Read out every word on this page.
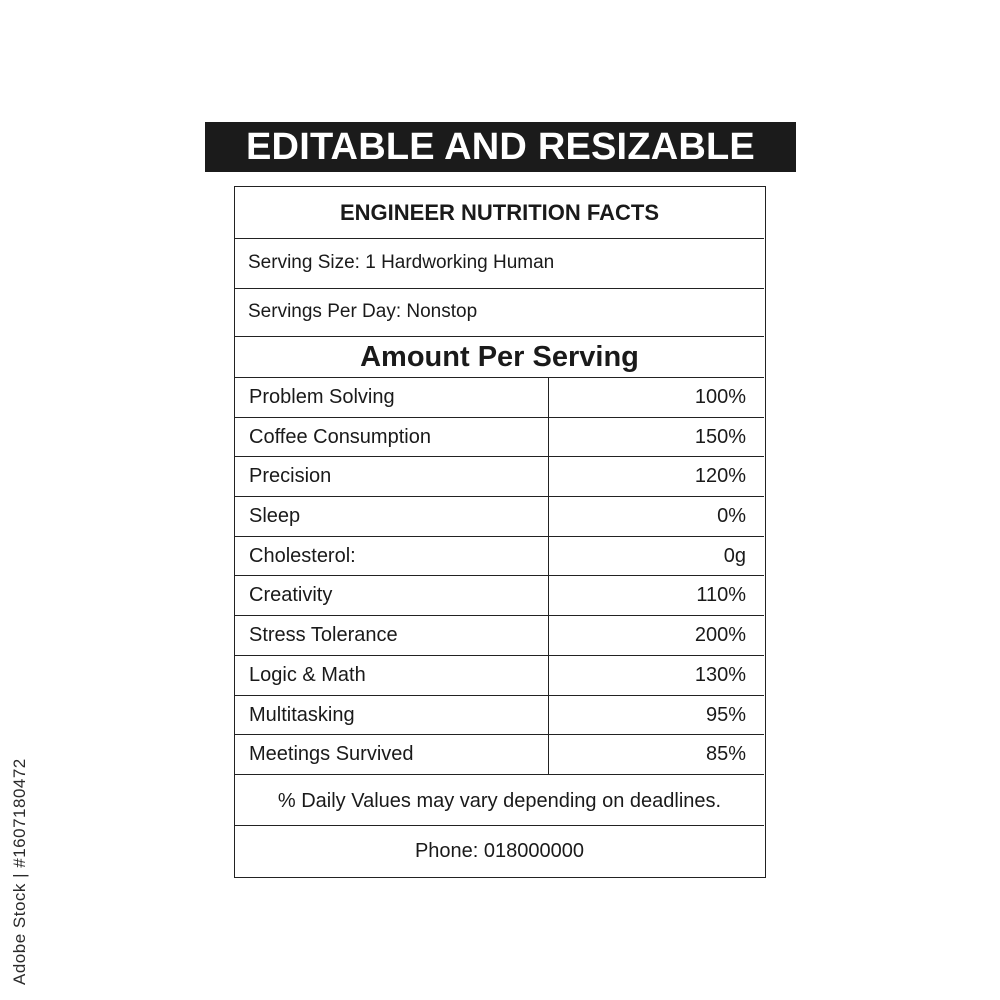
EDITABLE AND RESIZABLE
ENGINEER NUTRITION FACTS
Serving Size: 1 Hardworking Human
Servings Per Day: Nonstop
Amount Per Serving
Problem Solving	100%
Coffee Consumption	150%
Precision	120%
Sleep	0%
Cholesterol:	0g
Creativity	110%
Stress Tolerance	200%
Logic & Math	130%
Multitasking	95%
Meetings Survived	85%
% Daily Values may vary depending on deadlines.
Phone: 018000000
Adobe Stock | #1607180472
